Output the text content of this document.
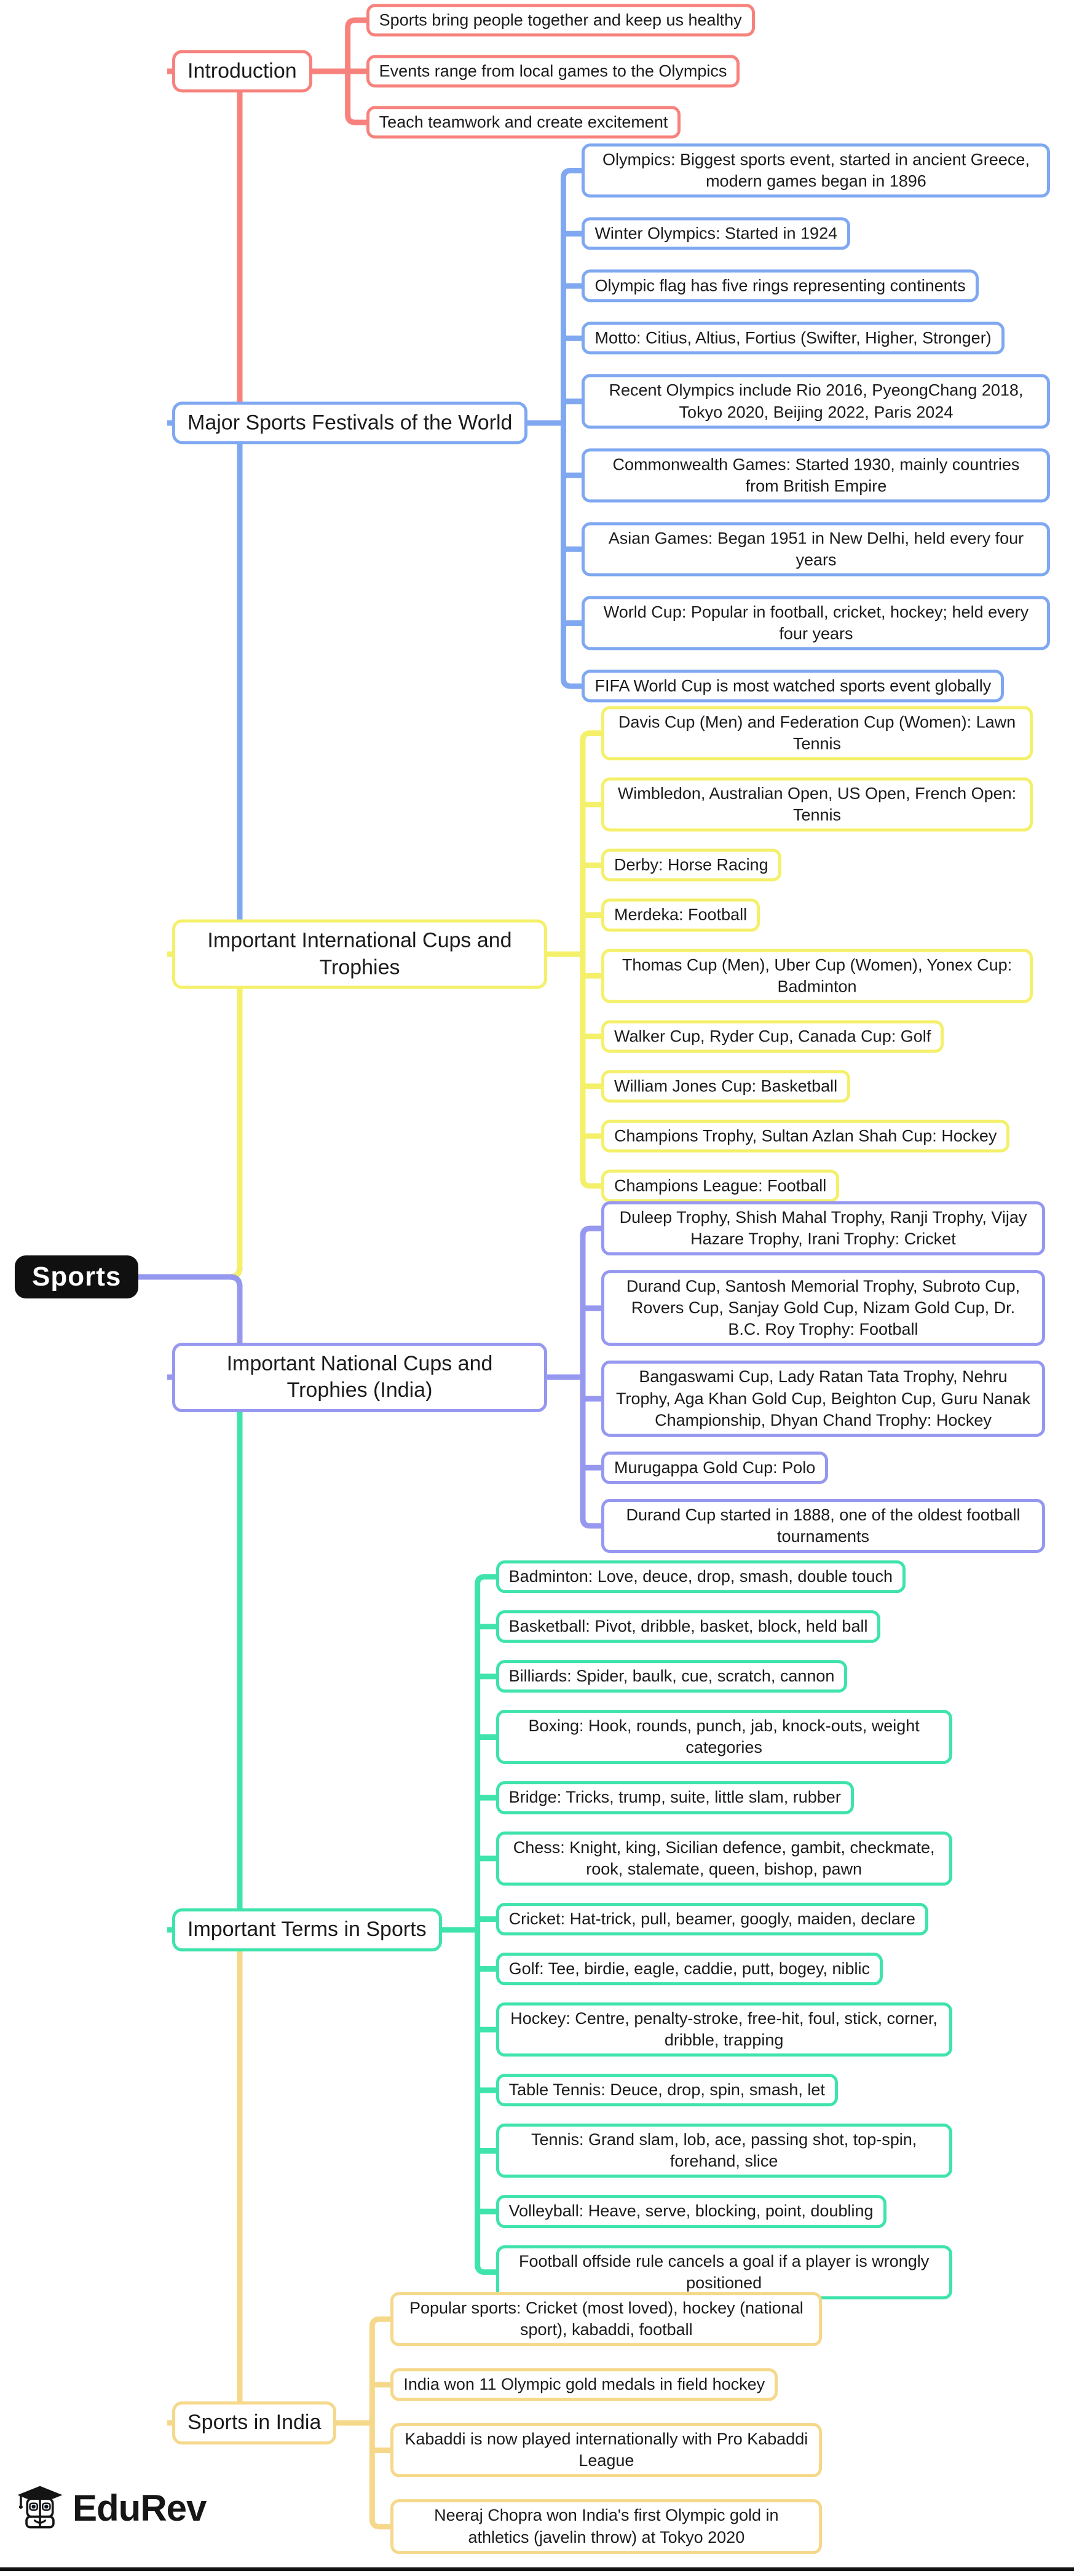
Sports
EduRev
Introduction
Sports bring people together and keep us healthy
Events range from local games to the Olympics
Teach teamwork and create excitement
Major Sports Festivals of the World
Olympics: Biggest sports event, started in ancient Greece, modern games began in 1896
Winter Olympics: Started in 1924
Olympic flag has five rings representing continents
Motto: Citius, Altius, Fortius (Swifter, Higher, Stronger)
Recent Olympics include Rio 2016, PyeongChang 2018, Tokyo 2020, Beijing 2022, Paris 2024
Commonwealth Games: Started 1930, mainly countries from British Empire
Asian Games: Began 1951 in New Delhi, held every four years
World Cup: Popular in football, cricket, hockey; held every four years
FIFA World Cup is most watched sports event globally
Important International Cups and Trophies
Davis Cup (Men) and Federation Cup (Women): Lawn Tennis
Wimbledon, Australian Open, US Open, French Open: Tennis
Derby: Horse Racing
Merdeka: Football
Thomas Cup (Men), Uber Cup (Women), Yonex Cup: Badminton
Walker Cup, Ryder Cup, Canada Cup: Golf
William Jones Cup: Basketball
Champions Trophy, Sultan Azlan Shah Cup: Hockey
Champions League: Football
Important National Cups and Trophies (India)
Duleep Trophy, Shish Mahal Trophy, Ranji Trophy, Vijay Hazare Trophy, Irani Trophy: Cricket
Durand Cup, Santosh Memorial Trophy, Subroto Cup, Rovers Cup, Sanjay Gold Cup, Nizam Gold Cup, Dr. B.C. Roy Trophy: Football
Bangaswami Cup, Lady Ratan Tata Trophy, Nehru Trophy, Aga Khan Gold Cup, Beighton Cup, Guru Nanak Championship, Dhyan Chand Trophy: Hockey
Murugappa Gold Cup: Polo
Durand Cup started in 1888, one of the oldest football tournaments
Important Terms in Sports
Badminton: Love, deuce, drop, smash, double touch
Basketball: Pivot, dribble, basket, block, held ball
Billiards: Spider, baulk, cue, scratch, cannon
Boxing: Hook, rounds, punch, jab, knock-outs, weight categories
Bridge: Tricks, trump, suite, little slam, rubber
Chess: Knight, king, Sicilian defence, gambit, checkmate, rook, stalemate, queen, bishop, pawn
Cricket: Hat-trick, pull, beamer, googly, maiden, declare
Golf: Tee, birdie, eagle, caddie, putt, bogey, niblic
Hockey: Centre, penalty-stroke, free-hit, foul, stick, corner, dribble, trapping
Table Tennis: Deuce, drop, spin, smash, let
Tennis: Grand slam, lob, ace, passing shot, top-spin, forehand, slice
Volleyball: Heave, serve, blocking, point, doubling
Football offside rule cancels a goal if a player is wrongly positioned
Sports in India
Popular sports: Cricket (most loved), hockey (national sport), kabaddi, football
India won 11 Olympic gold medals in field hockey
Kabaddi is now played internationally with Pro Kabaddi League
Neeraj Chopra won India's first Olympic gold in athletics (javelin throw) at Tokyo 2020
